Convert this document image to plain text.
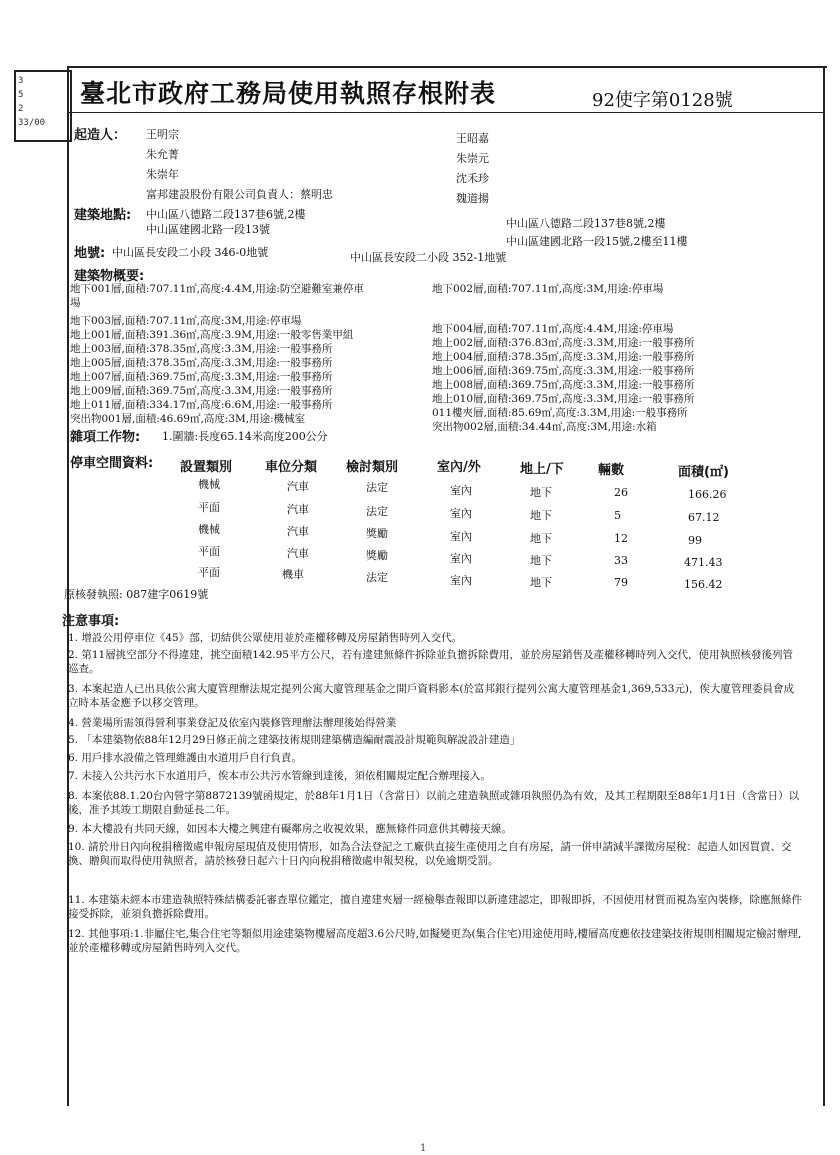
3
5
2
33/00
臺北市政府工務局使用執照存根附表	92使字第0128號
起造人： 王明宗
朱允菁
朱崇年
富邦建設股份有限公司負責人：蔡明忠
王昭嘉
朱崇元
沈禾珍
魏道揚
建築地點: 中山區八德路二段137巷6號,2樓
中山區建國北路一段13號	中山區八德路二段137巷8號,2樓
中山區建國北路一段15號,2樓至11樓
地號: 中山區長安段二小段 346-0地號	中山區長安段二小段 352-1地號
建築物概要:
地下001層,面積:707.11㎡,高度:4.4M,用途:防空避難室兼停車	地下002層,面積:707.11㎡,高度:3M,用途:停車場
場
地下003層,面積:707.11㎡,高度:3M,用途:停車場
地上001層,面積:391.36㎡,高度:3.9M,用途:一般零售業甲組
地上003層,面積:378.35㎡,高度:3.3M,用途:一般事務所
地上005層,面積:378.35㎡,高度:3.3M,用途:一般事務所
地上007層,面積:369.75㎡,高度:3.3M,用途:一般事務所
地上009層,面積:369.75㎡,高度:3.3M,用途:一般事務所
地上011層,面積:334.17㎡,高度:6.6M,用途:一般事務所
突出物001層,面積:46.69㎡,高度:3M,用途:機械室
地下004層,面積:707.11㎡,高度:4.4M,用途:停車場
地上002層,面積:376.83㎡,高度:3.3M,用途:一般事務所
地上004層,面積:378.35㎡,高度:3.3M,用途:一般事務所
地上006層,面積:369.75㎡,高度:3.3M,用途:一般事務所
地上008層,面積:369.75㎡,高度:3.3M,用途:一般事務所
地上010層,面積:369.75㎡,高度:3.3M,用途:一般事務所
011樓夾層,面積:85.69㎡,高度:3.3M,用途:一般事務所
突出物002層,面積:34.44㎡,高度:3M,用途:水箱
雜項工作物: 1.圍牆:長度65.14米高度200公分
停車空間資料: 設置類別	車位分類 檢討類別	室內/外	地上/下	輛數	面積(㎡)
機械	汽車	法定	室內	地下	26	166.26
平面	汽車	法定	室內	地下	5	67.12
機械	汽車	獎勵	室內	地下	12	99
平面	汽車	獎勵	室內	地下	33	471.43
平面	機車	法定	室內	地下	79	156.42
原核發執照: 087建字0619號
注意事項:
1. 增設公用停車位《45》部，切結供公眾使用並於產權移轉及房屋銷售時列入交代。
2. 第11層挑空部分不得違建，挑空面積142.95平方公尺，若有違建無條件拆除並負擔拆除費用，並於房屋銷售及產權移轉時列入交代，使用執照核發後列管巡查。
3. 本案起造人已出具依公寓大廈管理辦法規定提列公寓大廈管理基金之開戶資料影本(於富邦銀行提列公寓大廈管理基金1,369,533元)，俟大廈管理委員會成立時本基金應予以移交管理。
4. 營業場所需領得營利事業登記及依室內裝修管理辦法辦理後始得營業
5. 「本建築物依88年12月29日修正前之建築技術規則建築構造編耐震設計規範與解說設計建造」
6. 用戶排水設備之管理維護由水道用戶自行負責。
7. 未接入公共污水下水道用戶，俟本市公共污水管線到達後，須依相關規定配合辦理接入。
8. 本案依88.1.20台內營字第8872139號函規定，於88年1月1日（含當日）以前之建造執照或雜項執照仍為有效，及其工程期限至88年1月1日（含當日）以後，准予其竣工期限自動延長二年。
9. 本大樓設有共同天線，如因本大樓之興建有礙鄰房之收視效果，應無條件同意供其轉接天線。
10. 請於卅日內向稅捐稽徵處申報房屋現值及使用情形，如為合法登記之工廠供直接生產使用之自有房屋，請一併申請減半課徵房屋稅：起造人如因買賣、交換、贈與而取得使用執照者，請於核發日起六十日內向稅捐稽徵處申報契稅，以免逾期受罰。
11. 本建築未經本市建造執照特殊結構委託審查單位鑑定，擅自違建夾層一經檢舉查報即以新違建認定，即報即拆，不因使用材質而視為室內裝修，除應無條件接受拆除，並須負擔拆除費用。
12. 其他事項:1.非屬住宅,集合住宅等類似用途建築物樓層高度超3.6公尺時,如擬變更為(集合住宅)用途使用時,樓層高度應依技建築技術規則相關規定檢討辦理,並於產權移轉或房屋銷售時列入交代。
1
